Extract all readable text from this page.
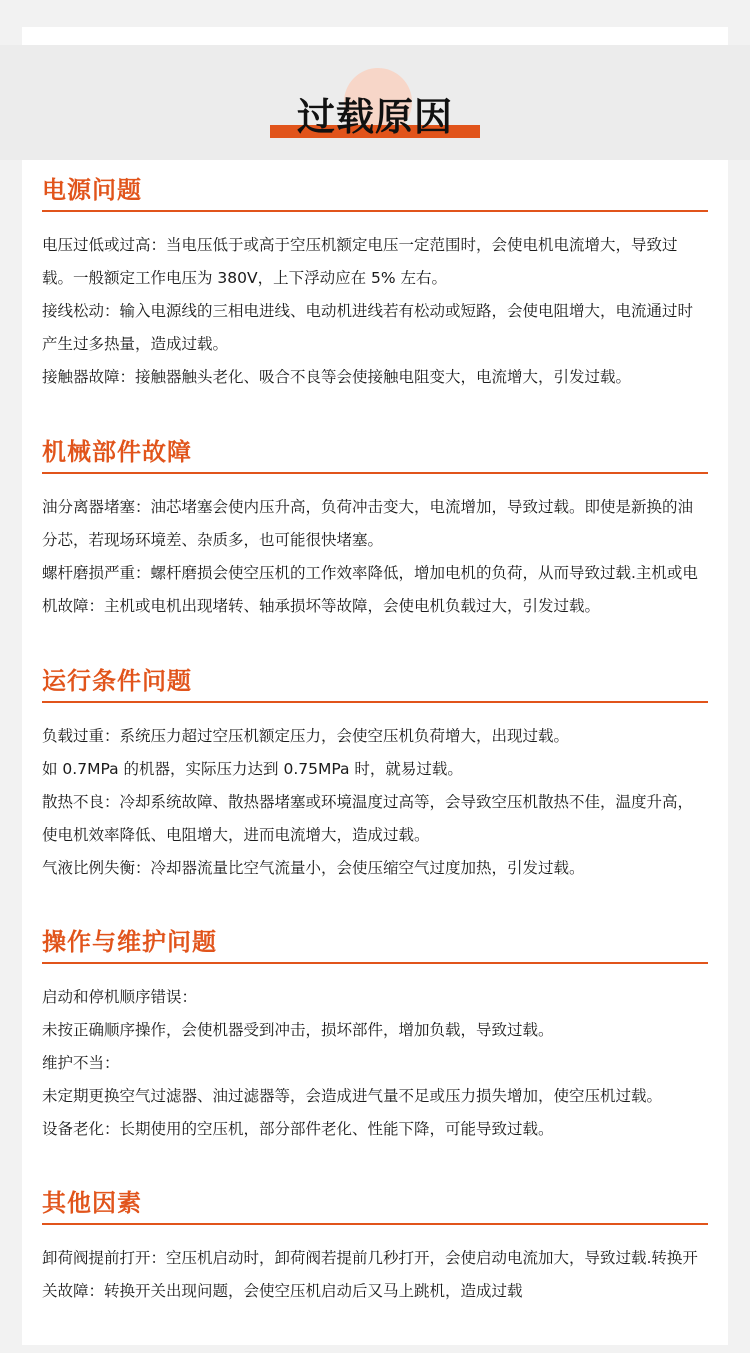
过载原因
电源问题

电压过低或过高：当电压低于或高于空压机额定电压一定范围时，会使电机电流增大，导致过载。一般额定工作电压为 380V，上下浮动应在 5% 左右。

接线松动：输入电源线的三相电进线、电动机进线若有松动或短路，会使电阻增大，电流通过时产生过多热量，造成过载。

接触器故障：接触器触头老化、吸合不良等会使接触电阻变大，电流增大，引发过载。

机械部件故障

油分离器堵塞：油芯堵塞会使内压升高，负荷冲击变大，电流增加，导致过载。即使是新换的油分芯，若现场环境差、杂质多，也可能很快堵塞。

螺杆磨损严重：螺杆磨损会使空压机的工作效率降低，增加电机的负荷，从而导致过载.主机或电机故障：主机或电机出现堵转、轴承损坏等故障，会使电机负载过大，引发过载。

运行条件问题

负载过重：系统压力超过空压机额定压力，会使空压机负荷增大，出现过载。

如 0.7MPa 的机器，实际压力达到 0.75MPa 时，就易过载。

散热不良：冷却系统故障、散热器堵塞或环境温度过高等，会导致空压机散热不佳，温度升高，使电机效率降低、电阻增大，进而电流增大，造成过载。

气液比例失衡：冷却器流量比空气流量小，会使压缩空气过度加热，引发过载。

操作与维护问题

启动和停机顺序错误：

未按正确顺序操作，会使机器受到冲击，损坏部件，增加负载，导致过载。

维护不当：

未定期更换空气过滤器、油过滤器等，会造成进气量不足或压力损失增加，使空压机过载。

设备老化：长期使用的空压机，部分部件老化、性能下降，可能导致过载。

其他因素

卸荷阀提前打开：空压机启动时，卸荷阀若提前几秒打开，会使启动电流加大，导致过载.转换开关故障：转换开关出现问题，会使空压机启动后又马上跳机，造成过载
